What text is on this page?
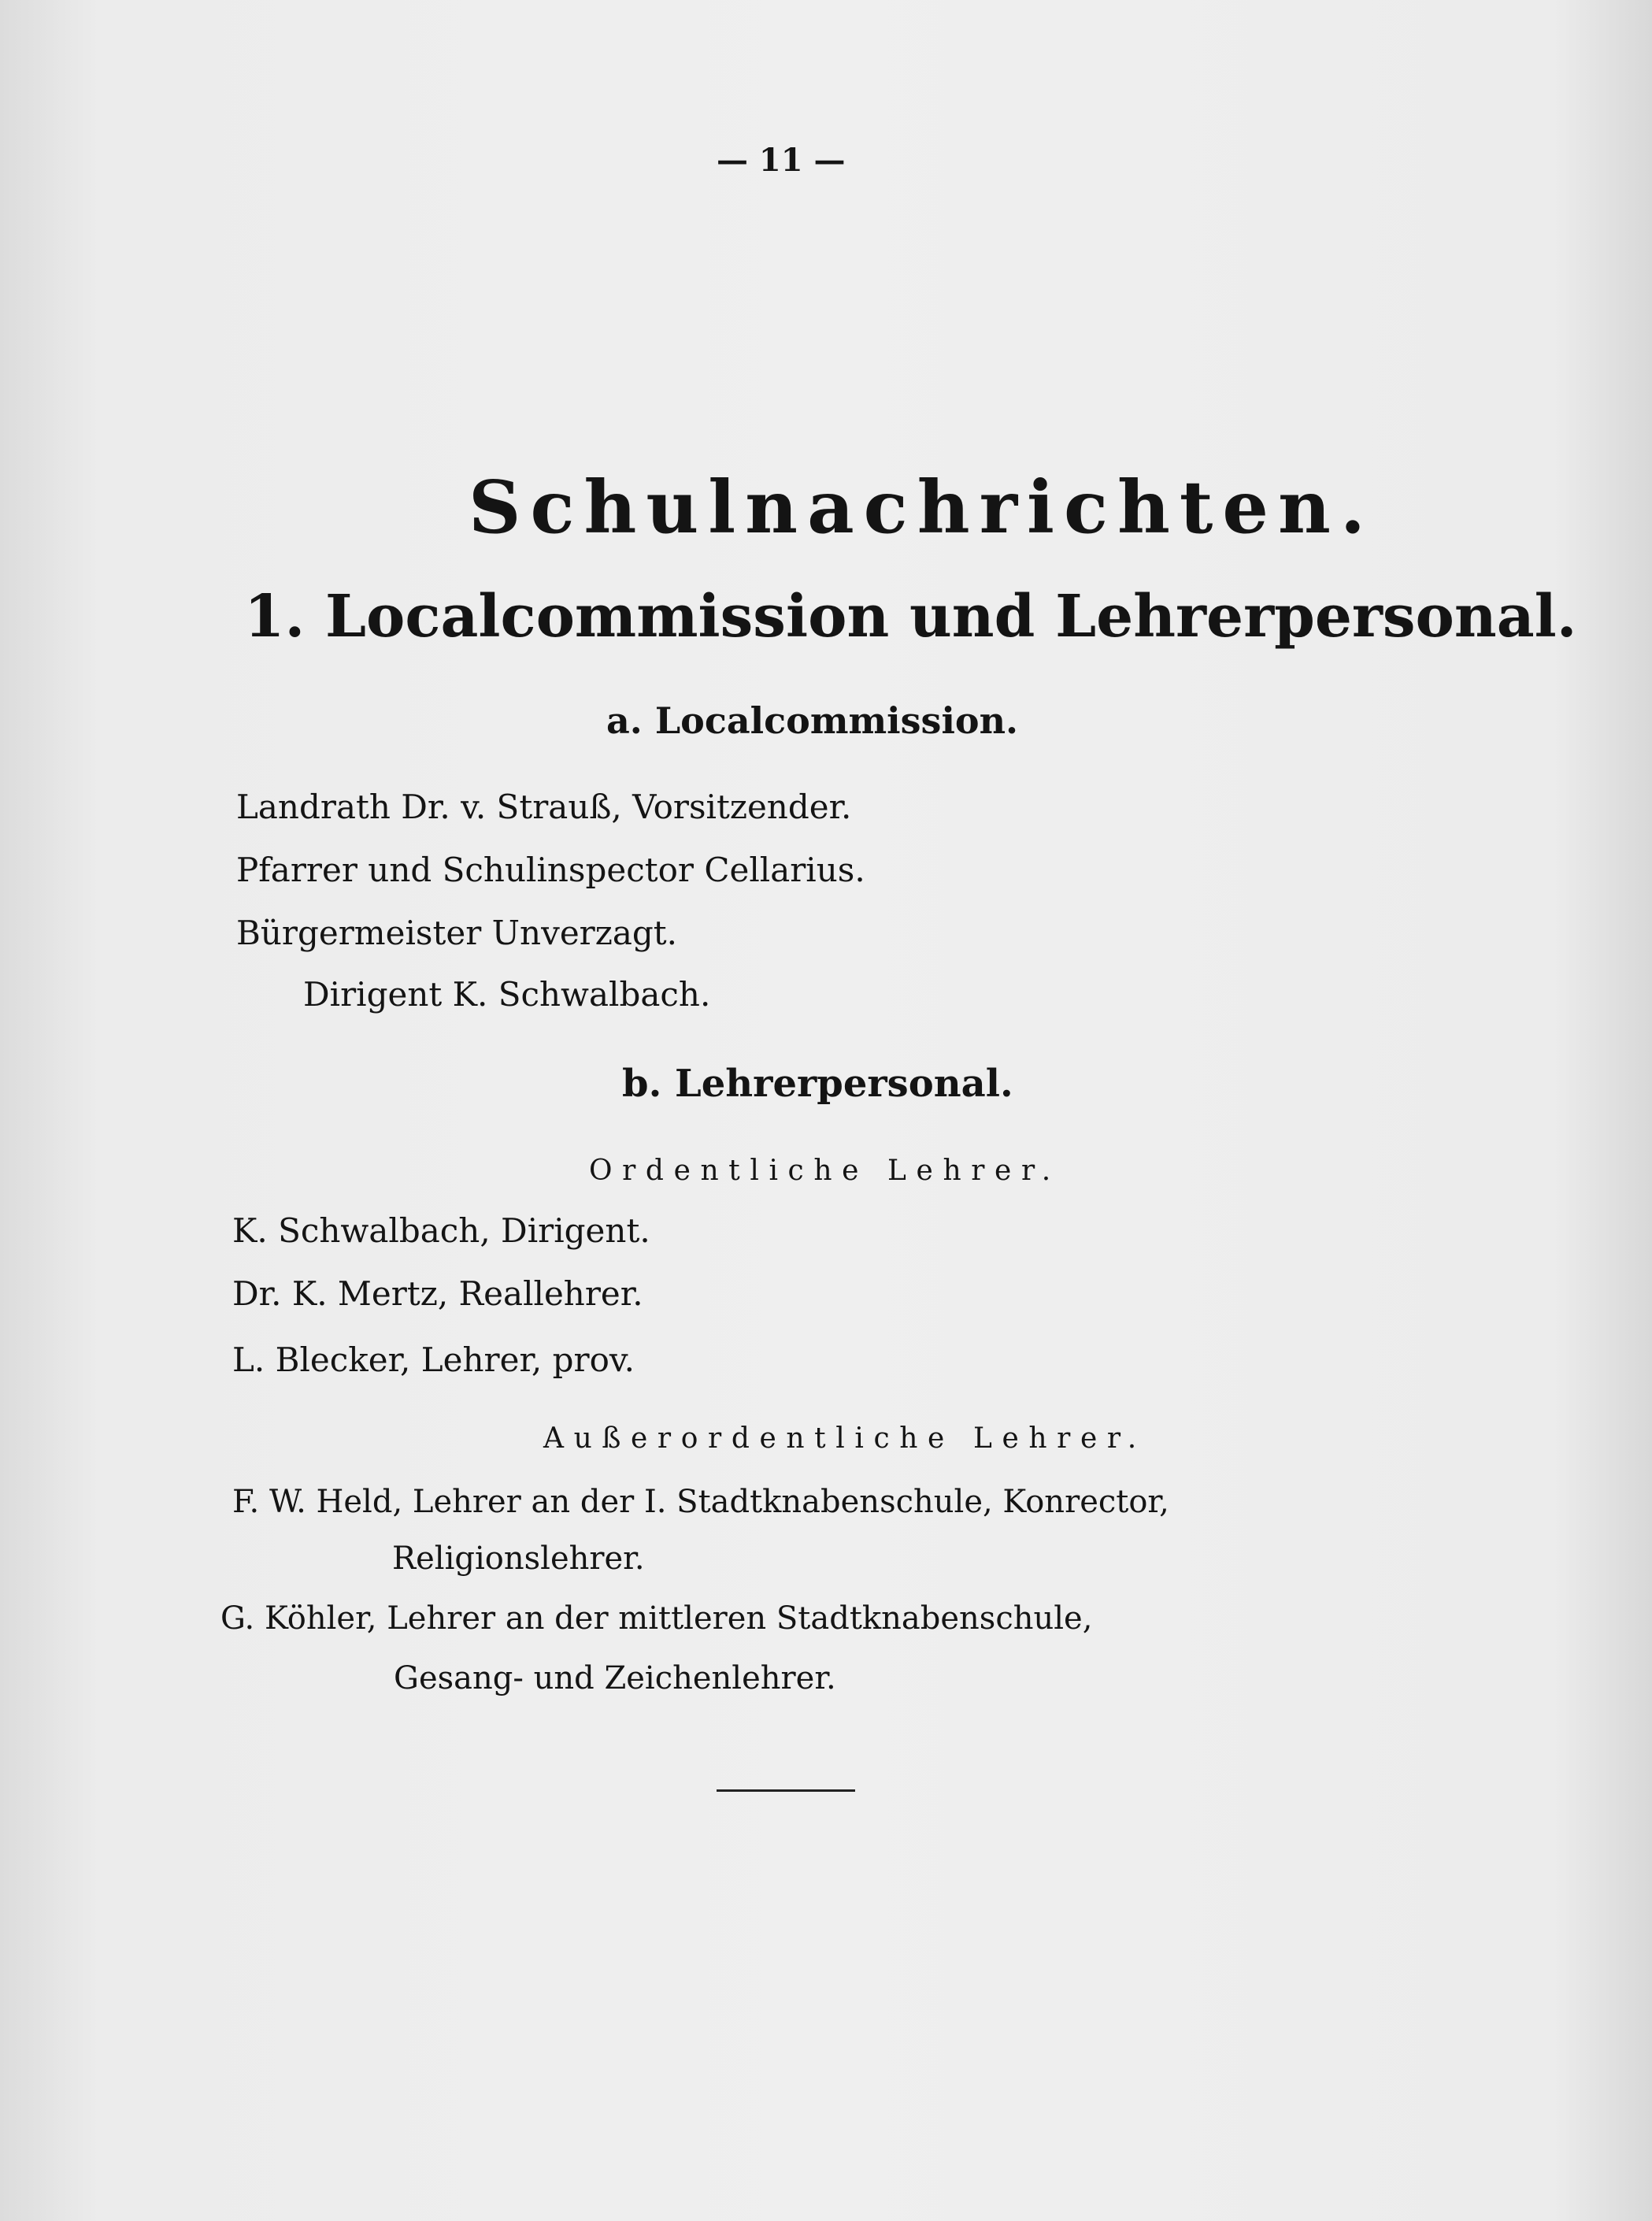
— 11 —
Schulnachrichten.
1. Localcommission und Lehrerpersonal.
a. Localcommission.
Landrath Dr. v. Strauß, Vorsitzender.
Pfarrer und Schulinspector Cellarius.
Bürgermeister Unverzagt.
Dirigent K. Schwalbach.
b. Lehrerpersonal.
Ordentliche Lehrer.
K. Schwalbach, Dirigent.
Dr. K. Mertz, Reallehrer.
L. Blecker, Lehrer, prov.
Außerordentliche Lehrer.
F. W. Held, Lehrer an der I. Stadtknabenschule, Konrector,
Religionslehrer.
G. Köhler, Lehrer an der mittleren Stadtknabenschule,
Gesang- und Zeichenlehrer.
